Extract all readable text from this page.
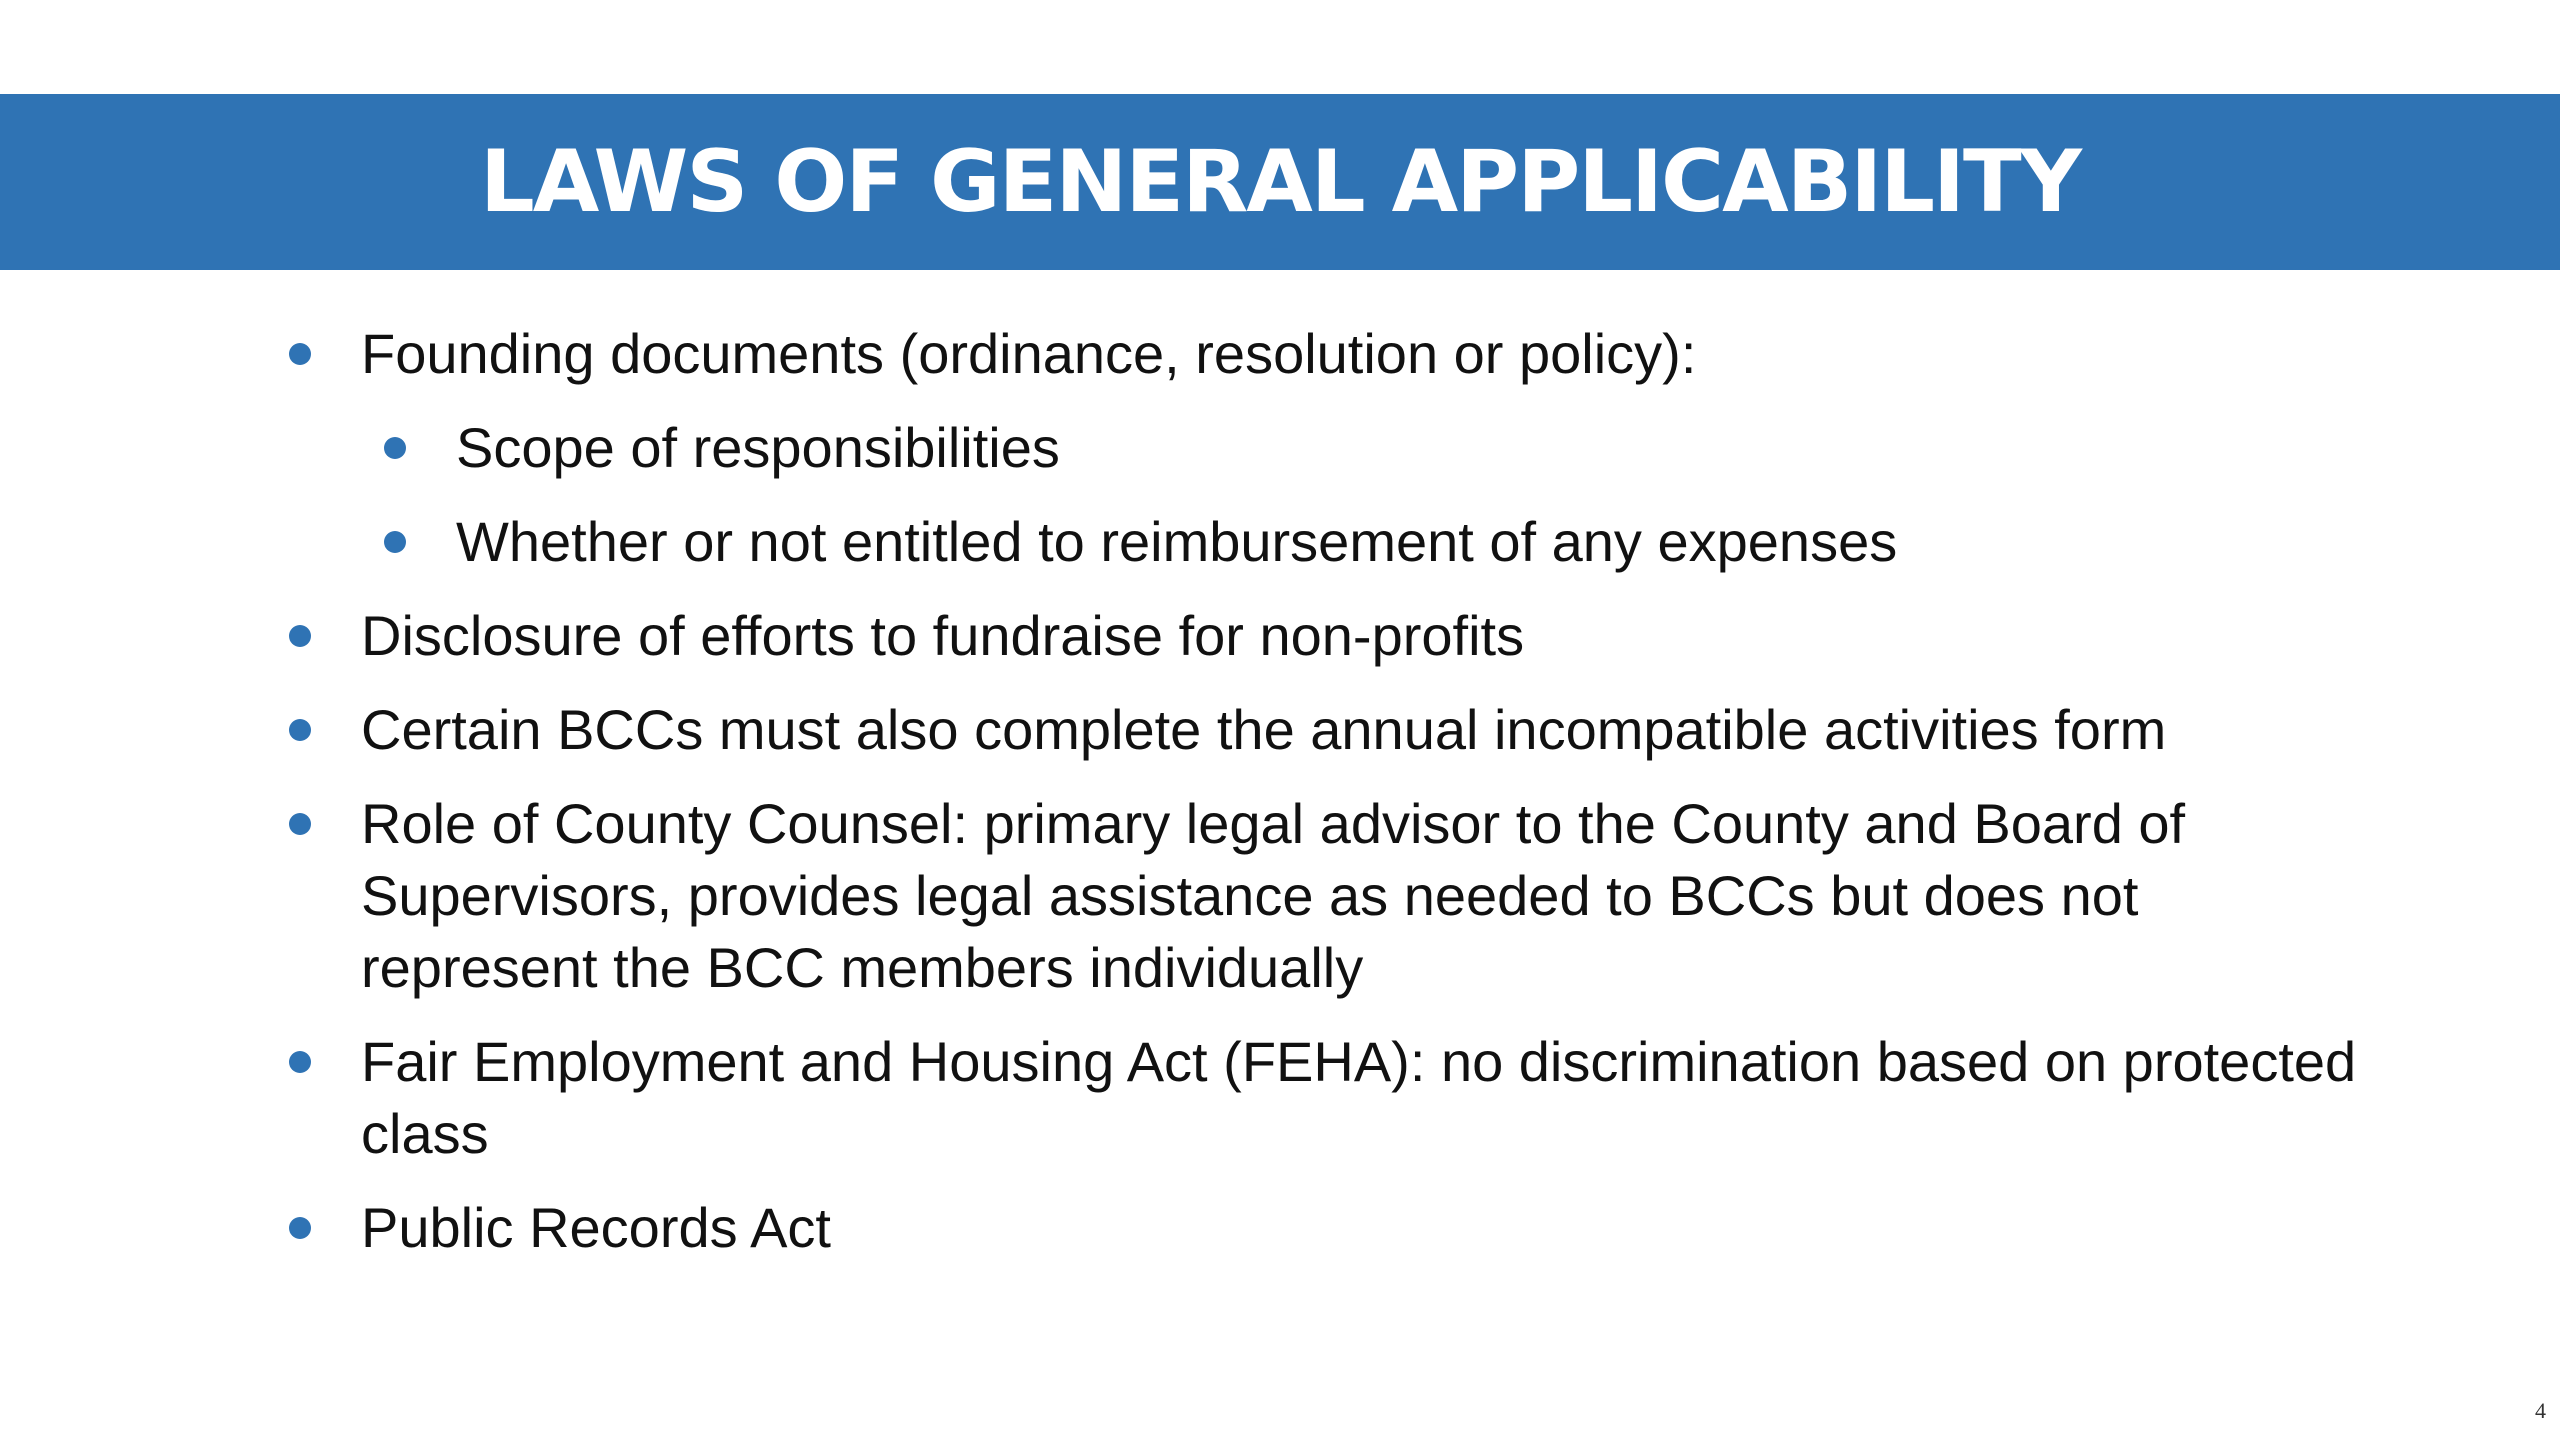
LAWS OF GENERAL APPLICABILITY
Founding documents (ordinance, resolution or policy):
Scope of responsibilities
Whether or not entitled to reimbursement of any expenses
Disclosure of efforts to fundraise for non-profits
Certain BCCs must also complete the annual incompatible activities form
Role of County Counsel: primary legal advisor to the County and Board of Supervisors, provides legal assistance as needed to BCCs but does not represent the BCC members individually
Fair Employment and Housing Act (FEHA): no discrimination based on protected class
Public Records Act
4
